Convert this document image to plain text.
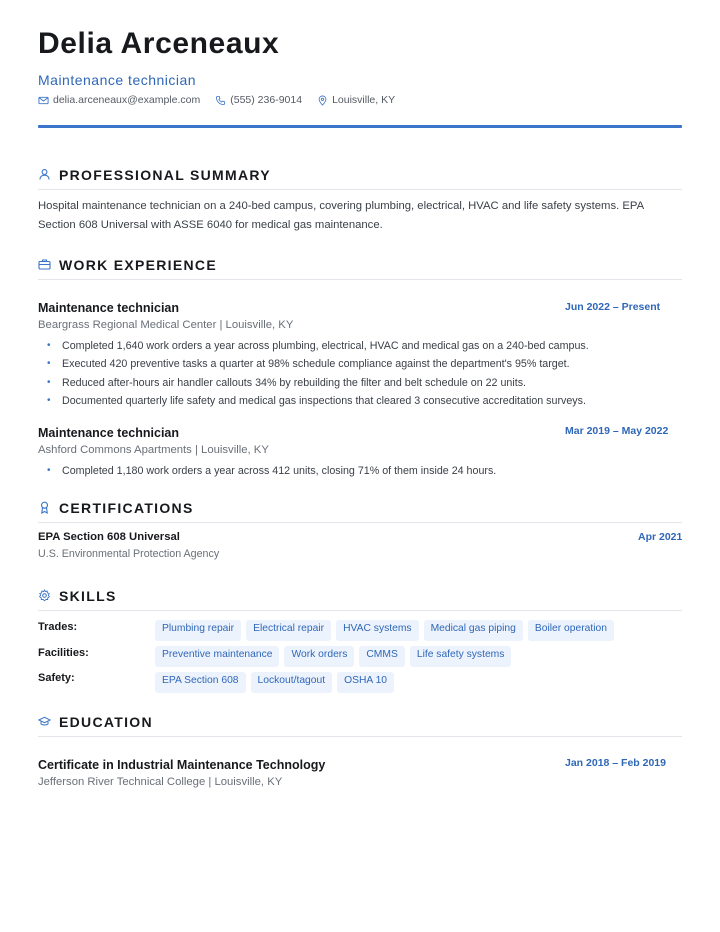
Delia Arceneaux
Maintenance technician
delia.arceneaux@example.com	(555) 236-9014	Louisville, KY
PROFESSIONAL SUMMARY
Hospital maintenance technician on a 240-bed campus, covering plumbing, electrical, HVAC and life safety systems. EPA Section 608 Universal with ASSE 6040 for medical gas maintenance.
WORK EXPERIENCE
Maintenance technician	Jun 2022 – Present
Beargrass Regional Medical Center | Louisville, KY
• Completed 1,640 work orders a year across plumbing, electrical, HVAC and medical gas on a 240-bed campus.
• Executed 420 preventive tasks a quarter at 98% schedule compliance against the department's 95% target.
• Reduced after-hours air handler callouts 34% by rebuilding the filter and belt schedule on 22 units.
• Documented quarterly life safety and medical gas inspections that cleared 3 consecutive accreditation surveys.
Maintenance technician	Mar 2019 – May 2022
Ashford Commons Apartments | Louisville, KY
• Completed 1,180 work orders a year across 412 units, closing 71% of them inside 24 hours.
CERTIFICATIONS
EPA Section 608 Universal	Apr 2021
U.S. Environmental Protection Agency
SKILLS
Trades:	Plumbing repair	Electrical repair	HVAC systems	Medical gas piping	Boiler operation
Facilities:	Preventive maintenance	Work orders	CMMS	Life safety systems
Safety:	EPA Section 608	Lockout/tagout	OSHA 10
EDUCATION
Certificate in Industrial Maintenance Technology	Jan 2018 – Feb 2019
Jefferson River Technical College | Louisville, KY
